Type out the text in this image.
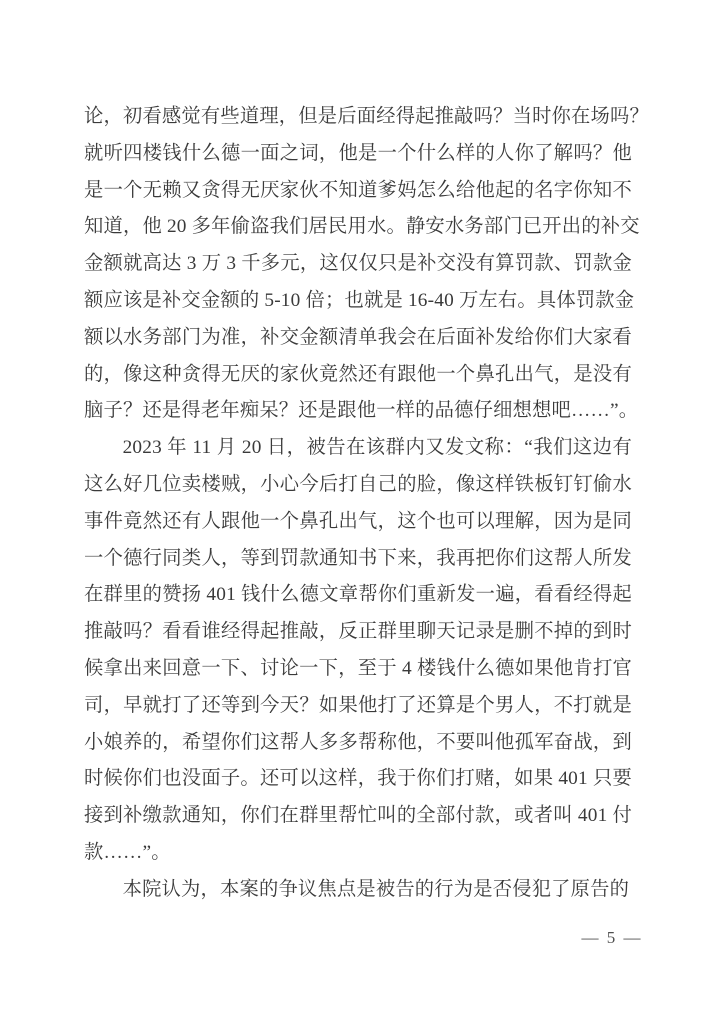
论，初看感觉有些道理，但是后面经得起推敲吗？当时你在场吗？
就听四楼钱什么德一面之词，他是一个什么样的人你了解吗？他
是一个无赖又贪得无厌家伙不知道爹妈怎么给他起的名字你知不
知道，他 20 多年偷盗我们居民用水。静安水务部门已开出的补交
金额就高达 3 万 3 千多元，这仅仅只是补交没有算罚款、罚款金
额应该是补交金额的 5-10 倍；也就是 16-40 万左右。具体罚款金
额以水务部门为准，补交金额清单我会在后面补发给你们大家看
的，像这种贪得无厌的家伙竟然还有跟他一个鼻孔出气，是没有
脑子？还是得老年痴呆？还是跟他一样的品德仔细想想吧……”。
2023 年 11 月 20 日，被告在该群内又发文称：“我们这边有
这么好几位卖楼贼，小心今后打自己的脸，像这样铁板钉钉偷水
事件竟然还有人跟他一个鼻孔出气，这个也可以理解，因为是同
一个德行同类人，等到罚款通知书下来，我再把你们这帮人所发
在群里的赞扬 401 钱什么德文章帮你们重新发一遍，看看经得起
推敲吗？看看谁经得起推敲，反正群里聊天记录是删不掉的到时
候拿出来回意一下、讨论一下，至于 4 楼钱什么德如果他肯打官
司，早就打了还等到今天？如果他打了还算是个男人，不打就是
小娘养的，希望你们这帮人多多帮称他，不要叫他孤军奋战，到
时候你们也没面子。还可以这样，我于你们打赌，如果 401 只要
接到补缴款通知，你们在群里帮忙叫的全部付款，或者叫 401 付
款……”。
本院认为，本案的争议焦点是被告的行为是否侵犯了原告的
— 5 —
